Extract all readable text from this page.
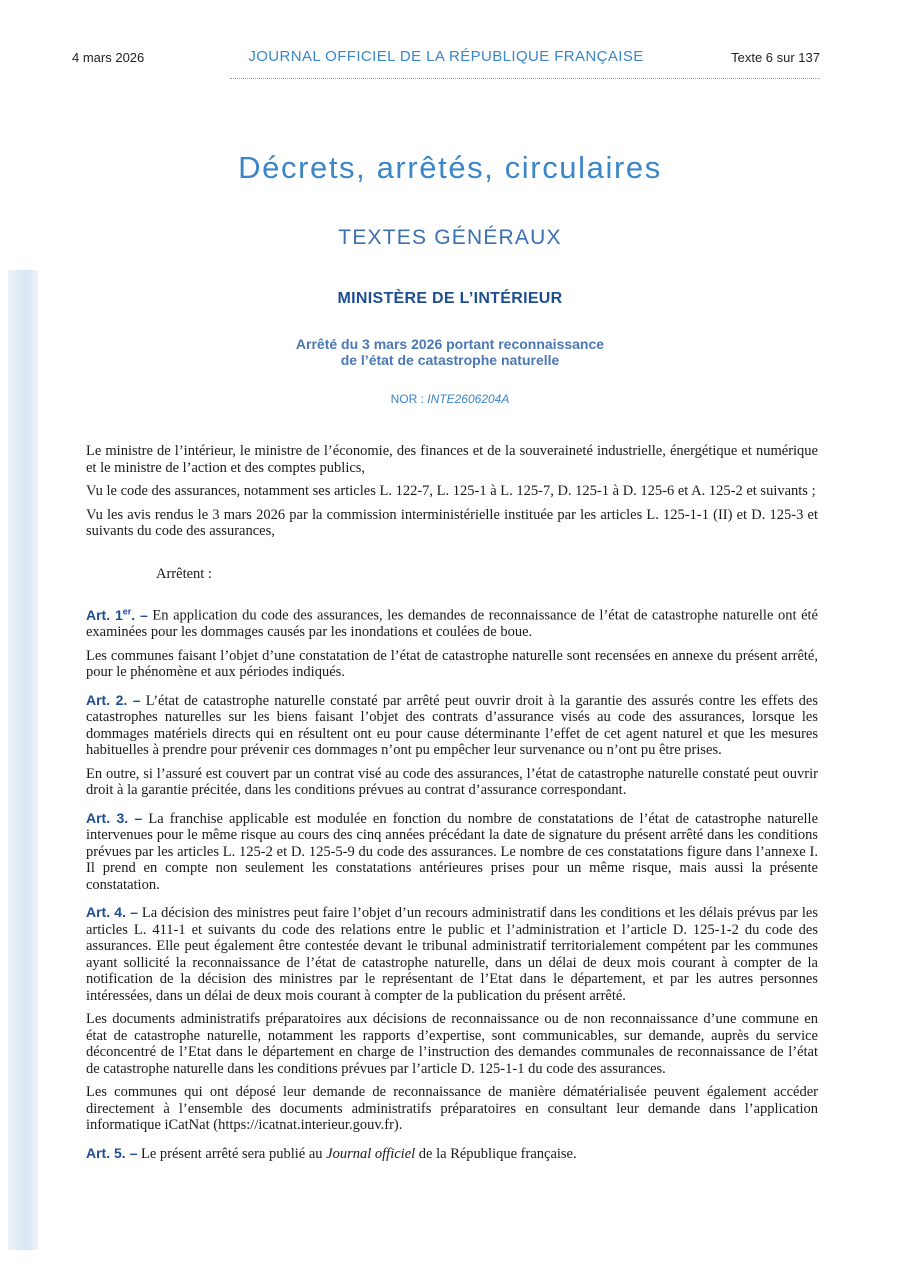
4 mars 2026	JOURNAL OFFICIEL DE LA RÉPUBLIQUE FRANÇAISE	Texte 6 sur 137
Décrets, arrêtés, circulaires
TEXTES GÉNÉRAUX
MINISTÈRE DE L’INTÉRIEUR
Arrêté du 3 mars 2026 portant reconnaissance
de l’état de catastrophe naturelle
NOR : INTE2606204A

Le ministre de l’intérieur, le ministre de l’économie, des finances et de la souveraineté industrielle, énergétique et numérique et le ministre de l’action et des comptes publics,

Vu le code des assurances, notamment ses articles L. 122-7, L. 125-1 à L. 125-7, D. 125-1 à D. 125-6 et A. 125-2 et suivants ;

Vu les avis rendus le 3 mars 2026 par la commission interministérielle instituée par les articles L. 125-1-1 (II) et D. 125-3 et suivants du code des assurances,

Arrêtent :

Art. 1er. – En application du code des assurances, les demandes de reconnaissance de l’état de catastrophe naturelle ont été examinées pour les dommages causés par les inondations et coulées de boue.

Les communes faisant l’objet d’une constatation de l’état de catastrophe naturelle sont recensées en annexe du présent arrêté, pour le phénomène et aux périodes indiqués.

Art. 2. – L’état de catastrophe naturelle constaté par arrêté peut ouvrir droit à la garantie des assurés contre les effets des catastrophes naturelles sur les biens faisant l’objet des contrats d’assurance visés au code des assurances, lorsque les dommages matériels directs qui en résultent ont eu pour cause déterminante l’effet de cet agent naturel et que les mesures habituelles à prendre pour prévenir ces dommages n’ont pu empêcher leur survenance ou n’ont pu être prises.

En outre, si l’assuré est couvert par un contrat visé au code des assurances, l’état de catastrophe naturelle constaté peut ouvrir droit à la garantie précitée, dans les conditions prévues au contrat d’assurance correspondant.

Art. 3. – La franchise applicable est modulée en fonction du nombre de constatations de l’état de catastrophe naturelle intervenues pour le même risque au cours des cinq années précédant la date de signature du présent arrêté dans les conditions prévues par les articles L. 125-2 et D. 125-5-9 du code des assurances. Le nombre de ces constatations figure dans l’annexe I. Il prend en compte non seulement les constatations antérieures prises pour un même risque, mais aussi la présente constatation.

Art. 4. – La décision des ministres peut faire l’objet d’un recours administratif dans les conditions et les délais prévus par les articles L. 411-1 et suivants du code des relations entre le public et l’administration et l’article D. 125-1-2 du code des assurances. Elle peut également être contestée devant le tribunal administratif territorialement compétent par les communes ayant sollicité la reconnaissance de l’état de catastrophe naturelle, dans un délai de deux mois courant à compter de la notification de la décision des ministres par le représentant de l’Etat dans le département, et par les autres personnes intéressées, dans un délai de deux mois courant à compter de la publication du présent arrêté.

Les documents administratifs préparatoires aux décisions de reconnaissance ou de non reconnaissance d’une commune en état de catastrophe naturelle, notamment les rapports d’expertise, sont communicables, sur demande, auprès du service déconcentré de l’Etat dans le département en charge de l’instruction des demandes communales de reconnaissance de l’état de catastrophe naturelle dans les conditions prévues par l’article D. 125-1-1 du code des assurances.

Les communes qui ont déposé leur demande de reconnaissance de manière dématérialisée peuvent également accéder directement à l’ensemble des documents administratifs préparatoires en consultant leur demande dans l’application informatique iCatNat (https://icatnat.interieur.gouv.fr).

Art. 5. – Le présent arrêté sera publié au Journal officiel de la République française.
